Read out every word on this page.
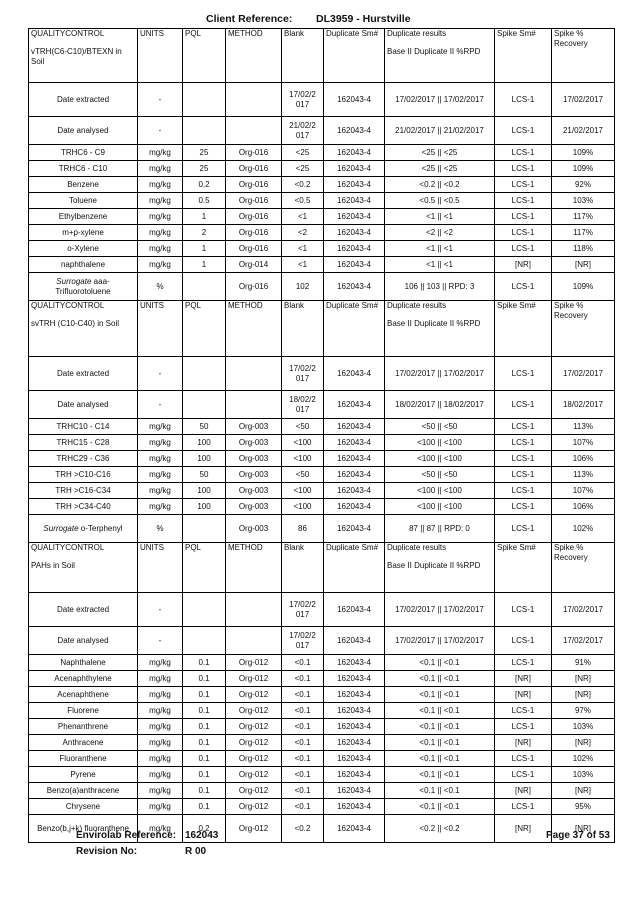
Client Reference: DL3959 - Hurstville
QUALITYCONTROL
vTRH(C6-C10)/BTEXN in Soil	UNITS	PQL	METHOD	Blank	Duplicate Sm#	Duplicate results
Base II Duplicate II %RPD	Spike Sm#	Spike % Recovery
Date extracted	-			17/02/2 017	162043-4	17/02/2017 || 17/02/2017	LCS-1	17/02/2017
Date analysed	-			21/02/2 017	162043-4	21/02/2017 || 21/02/2017	LCS-1	21/02/2017
TRHC6 - C9	mg/kg	25	Org-016	<25	162043-4	<25 || <25	LCS-1	109%
TRHC6 - C10	mg/kg	25	Org-016	<25	162043-4	<25 || <25	LCS-1	109%
Benzene	mg/kg	0.2	Org-016	<0.2	162043-4	<0.2 || <0.2	LCS-1	92%
Toluene	mg/kg	0.5	Org-016	<0.5	162043-4	<0.5 || <0.5	LCS-1	103%
Ethylbenzene	mg/kg	1	Org-016	<1	162043-4	<1 || <1	LCS-1	117%
m+p-xylene	mg/kg	2	Org-016	<2	162043-4	<2 || <2	LCS-1	117%
o-Xylene	mg/kg	1	Org-016	<1	162043-4	<1 || <1	LCS-1	118%
naphthalene	mg/kg	1	Org-014	<1	162043-4	<1 || <1	[NR]	[NR]
Surrogate aaa-Trifluorotoluene	%		Org-016	102	162043-4	106 || 103 || RPD: 3	LCS-1	109%
QUALITYCONTROL
svTRH (C10-C40) in Soil	UNITS	PQL	METHOD	Blank	Duplicate Sm#	Duplicate results
Base II Duplicate II %RPD	Spike Sm#	Spike % Recovery
Date extracted	-			17/02/2 017	162043-4	17/02/2017 || 17/02/2017	LCS-1	17/02/2017
Date analysed	-			18/02/2 017	162043-4	18/02/2017 || 18/02/2017	LCS-1	18/02/2017
TRHC10 - C14	mg/kg	50	Org-003	<50	162043-4	<50 || <50	LCS-1	113%
TRHC15 - C28	mg/kg	100	Org-003	<100	162043-4	<100 || <100	LCS-1	107%
TRHC29 - C36	mg/kg	100	Org-003	<100	162043-4	<100 || <100	LCS-1	106%
TRH >C10-C16	mg/kg	50	Org-003	<50	162043-4	<50 || <50	LCS-1	113%
TRH >C16-C34	mg/kg	100	Org-003	<100	162043-4	<100 || <100	LCS-1	107%
TRH >C34-C40	mg/kg	100	Org-003	<100	162043-4	<100 || <100	LCS-1	106%
Surrogate o-Terphenyl	%		Org-003	86	162043-4	87 || 87 || RPD: 0	LCS-1	102%
QUALITYCONTROL
PAHs in Soil	UNITS	PQL	METHOD	Blank	Duplicate Sm#	Duplicate results
Base II Duplicate II %RPD	Spike Sm#	Spike % Recovery
Date extracted	-			17/02/2 017	162043-4	17/02/2017 || 17/02/2017	LCS-1	17/02/2017
Date analysed	-			17/02/2 017	162043-4	17/02/2017 || 17/02/2017	LCS-1	17/02/2017
Naphthalene	mg/kg	0.1	Org-012	<0.1	162043-4	<0.1 || <0.1	LCS-1	91%
Acenaphthylene	mg/kg	0.1	Org-012	<0.1	162043-4	<0.1 || <0.1	[NR]	[NR]
Acenaphthene	mg/kg	0.1	Org-012	<0.1	162043-4	<0.1 || <0.1	[NR]	[NR]
Fluorene	mg/kg	0.1	Org-012	<0.1	162043-4	<0.1 || <0.1	LCS-1	97%
Phenanthrene	mg/kg	0.1	Org-012	<0.1	162043-4	<0.1 || <0.1	LCS-1	103%
Anthracene	mg/kg	0.1	Org-012	<0.1	162043-4	<0.1 || <0.1	[NR]	[NR]
Fluoranthene	mg/kg	0.1	Org-012	<0.1	162043-4	<0.1 || <0.1	LCS-1	102%
Pyrene	mg/kg	0.1	Org-012	<0.1	162043-4	<0.1 || <0.1	LCS-1	103%
Benzo(a)anthracene	mg/kg	0.1	Org-012	<0.1	162043-4	<0.1 || <0.1	[NR]	[NR]
Chrysene	mg/kg	0.1	Org-012	<0.1	162043-4	<0.1 || <0.1	LCS-1	95%
Benzo(b,j+k) fluoranthene	mg/kg	0.2	Org-012	<0.2	162043-4	<0.2 || <0.2	[NR]	[NR]
Envirolab Reference: 162043
Revision No:	R 00
Page 37 of 53
